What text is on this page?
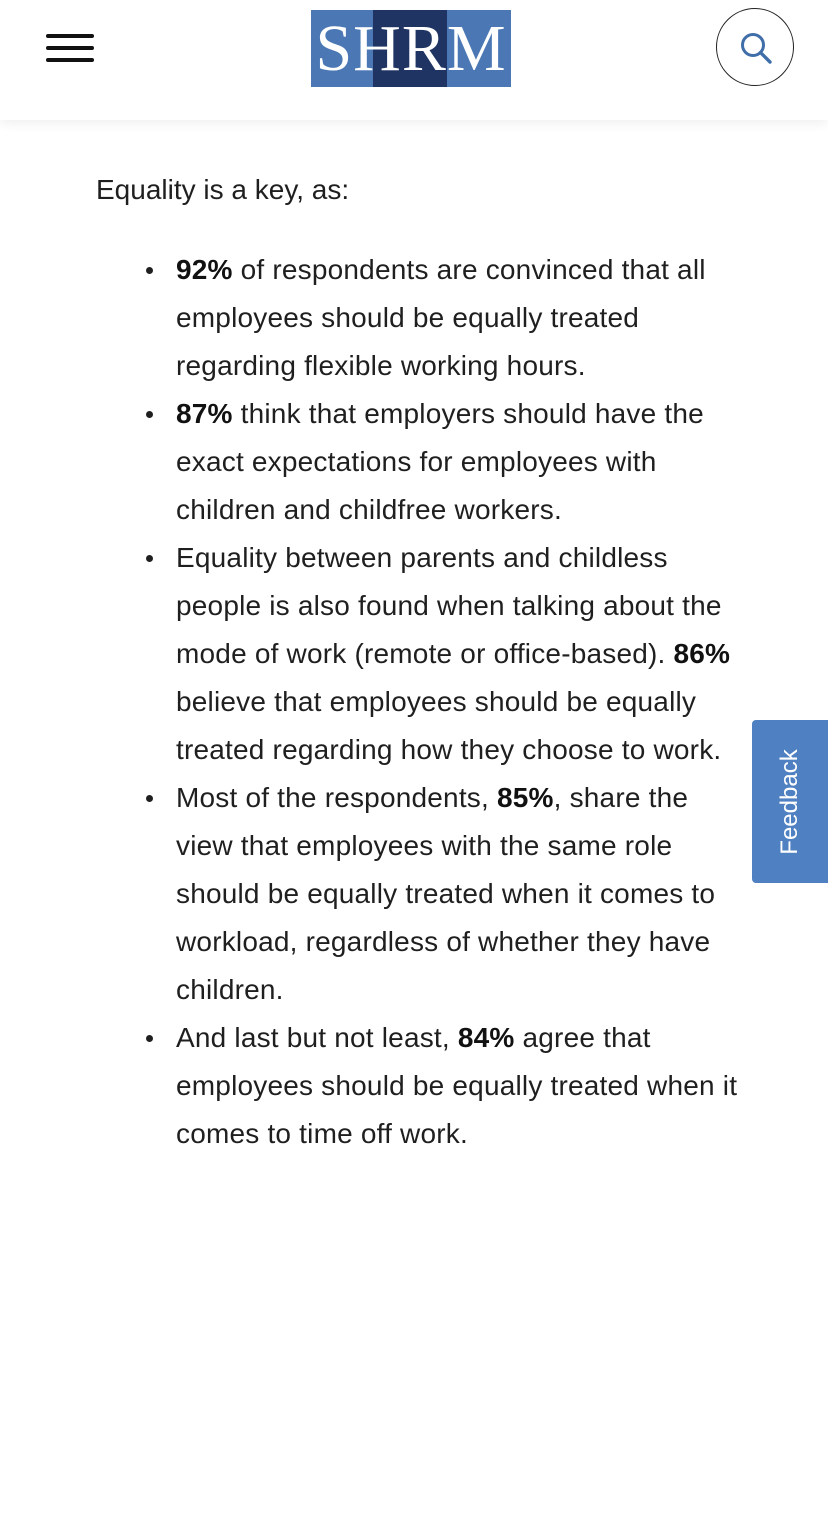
SHRM

Equality is a key, as:

92% of respondents are convinced that all employees should be equally treated regarding flexible working hours.
87% think that employers should have the exact expectations for employees with children and childfree workers.
Equality between parents and childless people is also found when talking about the mode of work (remote or office-based). 86% believe that employees should be equally treated regarding how they choose to work.
Most of the respondents, 85%, share the view that employees with the same role should be equally treated when it comes to workload, regardless of whether they have children.
And last but not least, 84% agree that employees should be equally treated when it comes to time off work.
Feedback
